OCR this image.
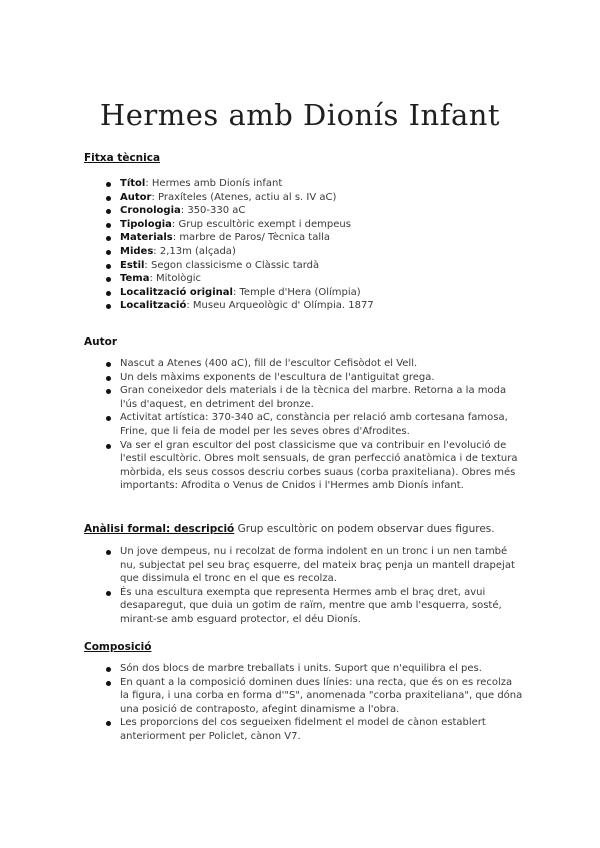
Hermes amb Dionís Infant

Fitxa tècnica

Títol: Hermes amb Dionís infant
Autor: Praxíteles (Atenes, actiu al s. IV aC)
Cronologia: 350-330 aC
Tipologia: Grup escultòric exempt i dempeus
Materials: marbre de Paros/ Tècnica talla
Mides: 2,13m (alçada)
Estil: Segon classicisme o Clàssic tardà
Tema: Mitològic
Localització original: Temple d'Hera (Olímpia)
Localització: Museu Arqueològic d' Olímpia. 1877

Autor

Nascut a Atenes (400 aC), fill de l'escultor Cefisòdot el Vell.
Un dels màxims exponents de l'escultura de l'antiguitat grega.
Gran coneixedor dels materials i de la tècnica del marbre. Retorna a la moda l'ús d'aquest, en detriment del bronze.
Activitat artística: 370-340 aC, constància per relació amb cortesana famosa, Frine, que li feia de model per les seves obres d'Afrodites.
Va ser el gran escultor del post classicisme que va contribuir en l'evolució de l'estil escultòric. Obres molt sensuals, de gran perfecció anatòmica i de textura mòrbida, els seus cossos descriu corbes suaus (corba praxiteliana). Obres més importants: Afrodita o Venus de Cnidos i l'Hermes amb Dionís infant.

Anàlisi formal: descripció Grup escultòric on podem observar dues figures.

Un jove dempeus, nu i recolzat de forma indolent en un tronc i un nen també nu, subjectat pel seu braç esquerre, del mateix braç penja un mantell drapejat que dissimula el tronc en el que es recolza.
És una escultura exempta que representa Hermes amb el braç dret, avui desaparegut, que duia un gotim de raïm, mentre que amb l'esquerra, sosté, mirant-se amb esguard protector, el déu Dionís.

Composició

Són dos blocs de marbre treballats i units. Suport que n'equilibra el pes.
En quant a la composició dominen dues línies: una recta, que és on es recolza la figura, i una corba en forma d'"S", anomenada "corba praxiteliana", que dóna una posició de contraposto, afegint dinamisme a l'obra.
Les proporcions del cos segueixen fidelment el model de cànon establert anteriorment per Policlet, cànon V7.
